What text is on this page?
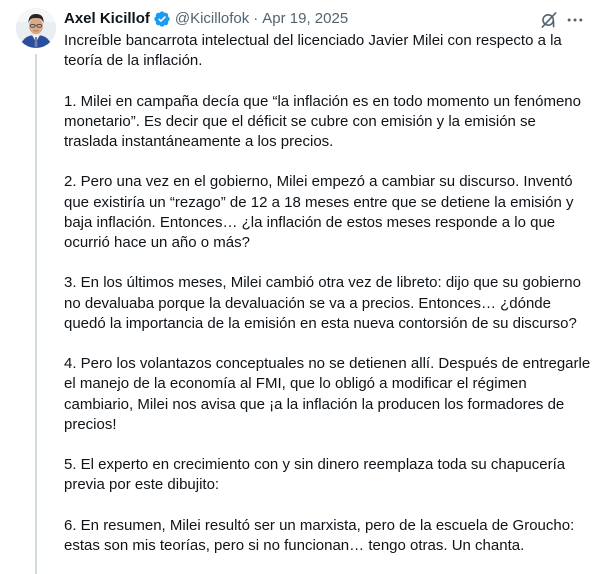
Axel Kicillof @Kicillofok · Apr 19, 2025

Increíble bancarrota intelectual del licenciado Javier Milei con respecto a la teoría de la inflación.

1. Milei en campaña decía que “la inflación es en todo momento un fenómeno monetario”. Es decir que el déficit se cubre con emisión y la emisión se traslada instantáneamente a los precios.

2. Pero una vez en el gobierno, Milei empezó a cambiar su discurso. Inventó que existiría un “rezago” de 12 a 18 meses entre que se detiene la emisión y baja inflación. Entonces… ¿la inflación de estos meses responde a lo que ocurrió hace un año o más?

3. En los últimos meses, Milei cambió otra vez de libreto: dijo que su gobierno no devaluaba porque la devaluación se va a precios. Entonces… ¿dónde quedó la importancia de la emisión en esta nueva contorsión de su discurso?

4. Pero los volantazos conceptuales no se detienen allí. Después de entregarle el manejo de la economía al FMI, que lo obligó a modificar el régimen cambiario, Milei nos avisa que ¡a la inflación la producen los formadores de precios!

5. El experto en crecimiento con y sin dinero reemplaza toda su chapucería previa por este dibujito:

6. En resumen, Milei resultó ser un marxista, pero de la escuela de Groucho: estas son mis teorías, pero si no funcionan… tengo otras. Un chanta.
